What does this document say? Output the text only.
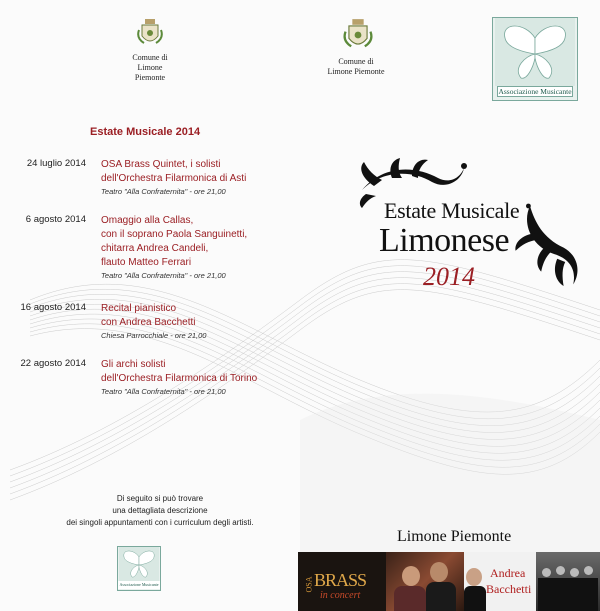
Comune di
Limone Piemonte
Comune di
Limone Piemonte
Associazione Musicante
Estate Musicale 2014
24 luglio 2014 OSA Brass Quintet, i solisti
dell'Orchestra Filarmonica di Asti
Teatro "Alla Confraternita" - ore 21,00
6 agosto 2014 Omaggio alla Callas,
con il soprano Paola Sanguinetti,
chitarra Andrea Candeli,
flauto Matteo Ferrari
Teatro "Alla Confraternita" - ore 21,00
16 agosto 2014 Recital pianistico
con Andrea Bacchetti
Chiesa Parrocchiale - ore 21,00
22 agosto 2014 Gli archi solisti
dell'Orchestra Filarmonica di Torino
Teatro "Alla Confraternita" - ore 21,00
Estate Musicale
Limonese
2014
Di seguito si può trovare
una dettagliata descrizione
dei singoli appuntamenti con i curriculum degli artisti.
Associazione Musicante
Limone Piemonte
OSA BRASS
in concert
Andrea
Bacchetti
